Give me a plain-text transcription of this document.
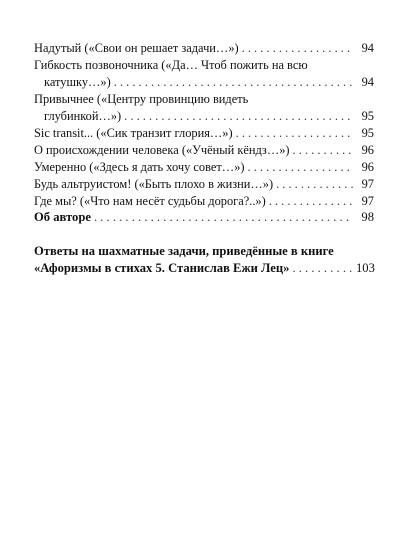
Надутый («Свои он решает задачи…») . . .	94
Гибкость позвоночника («Да… Чтоб пожить на всю
катушку…») . . .	94
Привычнее («Центру провинцию видеть
глубинкой…») . . .	95
Sic transit... («Сик транзит глория…») . . .	95
О происхождении человека («Учёный кёндз…») . . .	96
Умеренно («Здесь я дать хочу совет…») . . .	96
Будь альтруистом! («Быть плохо в жизни…») . . .	97
Где мы? («Что нам несёт судьбы дорога?..») . . .	97
Об авторе . . .	98
Ответы на шахматные задачи, приведённые в книге
«Афоризмы в стихах 5. Станислав Ежи Лец» . . .	103
